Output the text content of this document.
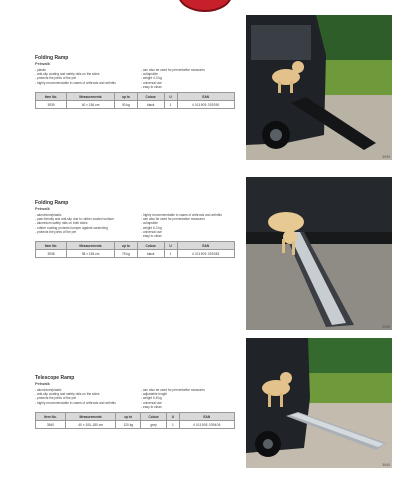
Folding Ramp
Petwalk
- plastic
- anti-slip coating and safety rails on the sides
- protects the joints of the pet
- highly recommendable in cases of arthrosis and arthritis
- can also be used for preventative measures
- collapsible
- weight 4.3 kg
- universal use
- easy to clean
Item No.	Measurements	up to	Colour	U	EAN
3939	40 × 156 cm	90 kg	black	1	4 011905 039390
Folding Ramp
Petwalk
- aluminium/plastic
- paw friendly and anti-slip due to rubber-coated surface
- aluminium safety rails on both sides
- rubber coating protects bumper against scratching
- protects the joints of the pet
- highly recommendable in cases of arthrosis and arthritis
- can also be used for preventative measures
- collapsible
- weight 6.3 kg
- universal use
- easy to clean
Item No.	Measurements	up to	Colour	U	EAN
3938	38 × 155 cm	75 kg	black	1	4 011905 039383
Telescope Ramp
Petwalk
- aluminium/plastic
- anti-slip coating and safety rails on the sides
- protects the joints of the pet
- highly recommendable in cases of arthrosis and arthritis
- can also be used for preventative measures
- adjustable length
- weight 5.8 kg
- universal use
- easy to clean
Item No.	Measurements	up to	Colour	U	EAN
3940	40 × 100–180 cm	120 kg	grey	1	4 011905 039406
3939
3938
3940
